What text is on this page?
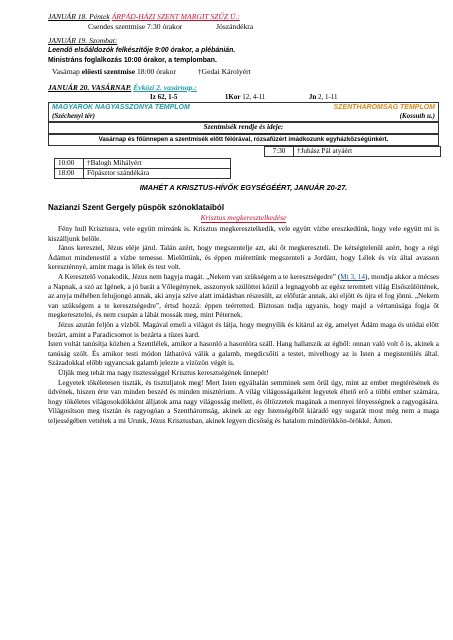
JANUÁR 18. Péntek ÁRPÁD-HÁZI SZENT MARGIT SZŰZ Ü.:
Csendes szentmise 7:30 órakor	Jószándékra
JANUÁR 19. Szombat:
Leendő elsőáldozók felkészítője 9:00 órakor, a plébánián.
Ministráns foglalkozás 10:00 órakor, a templomban.
Vasárnap előesti szentmise 18:00 órakor	†Gedai Károlyért
JANUÁR 20. VASÁRNAP. Évközi 2. vasárnap.:
Iz 62, 1-5	1Kor 12, 4-11	Jn 2, 1-11
MAGYAROK NAGYASSZONYA TEMPLOM	SZENTHÁROMSÁG TEMPLOM
(Széchenyi tér)	(Kossuth u.)
Szentmisék rendje és ideje:
Vasárnap és főünnepen a szentmisék előtt félórával, rózsafüzért imádkozunk egyházközségünkért.
7:30	†Juhász Pál atyáért
10:00	†Balogh Mihályért
18:00	Főpásztor szándékára
IMAHÉT A KRISZTUS-HÍVŐK EGYSÉGÉÉRT, JANUÁR 20-27.
Nazianzi Szent Gergely püspök szónoklataiból
Krisztus megkeresztelkedése

Fény hull Krisztusra, vele együtt mireánk is. Krisztus megkeresztelkedik, vele együtt vízbe ereszkedünk, hogy vele együtt mi is kiszálljunk belőle.

János keresztel, Jézus eléje járul. Talán azért, hogy megszentelje azt, aki őt megkereszteli. De kétségtelenül azért, hogy a régi Ádámot mindenestül a vízbe temesse. Mielőttünk, és éppen miérettünk megszenteli a Jordánt, hogy Lélek és víz által avasson kereszténnyé, amint maga is lélek és test volt.

A Keresztelő vonakodik, Jézus nem hagyja magát. „Nekem van szükségem a te keresztségedre” (Mt 3, 14), mondja akkor a mécses a Napnak, a szó az Igének, a jó barát a Vőlegénynek, asszonyok szülöttei közül a legnagyobb az egész teremtett világ Elsőszülöttének, az anyja méhében felujjongó annak, aki anyja szíve alatt imádásban részesült, az előfutár annak, aki eljött és újra el fog jönni. „Nekem van szükségem a te keresztségedre”, értsd hozzá: éppen teérretted. Biztosan tudja ugyanis, hogy majd a vértanúsága fogja őt megkeresztelni, és nem csupán a lábát mossák meg, mint Péternek.

Jézus azután feljön a vízből. Magával emeli a világot és látja, hogy megnyílik és kitárul az ég, amelyet Ádám maga és utódai előtt bezárt, amint a Paradicsomot is bezárta a tüzes kard.

Isten voltát tanúsítja közben a Szentlélek, amikor a hasonló a hasonlóra száll. Hang hallatszik az égből: onnan való volt ő is, akinek a tanúság szólt. És amikor testi módon láthatóvá válik a galamb, megdicsőíti a testet, mivelhogy az is Isten a megistenülés által. Századokkal előbb ugyancsak galamb jelezte a vízözön végét is.

Üljük meg tehát ma nagy tisztességgel Krisztus keresztségének ünnepét!

Legyetek tökéletesen tiszták, és tisztuljatok meg! Mert Isten egyáltalán semminek sem örül úgy, mint az ember megtérésének és üdvének, hiszen érte van minden beszéd és minden misztérium. A világ világosságaiként legyetek éltető erő a többi ember számára, hogy tökéletes világosokdókként álljatok ama nagy világosság mellett, és öltözzetek magának a mennyei fényességnek a ragyogására. Világosítson meg tisztán és ragyogóan a Szentháromság, akinek az egy Istenségéből kiáradó egy sugarát most még nem a maga teljességében vettétek a mi Urunk, Jézus Krisztusban, akinek legyen dicsőség és hatalom mindörökkön-örökké. Ámen.
